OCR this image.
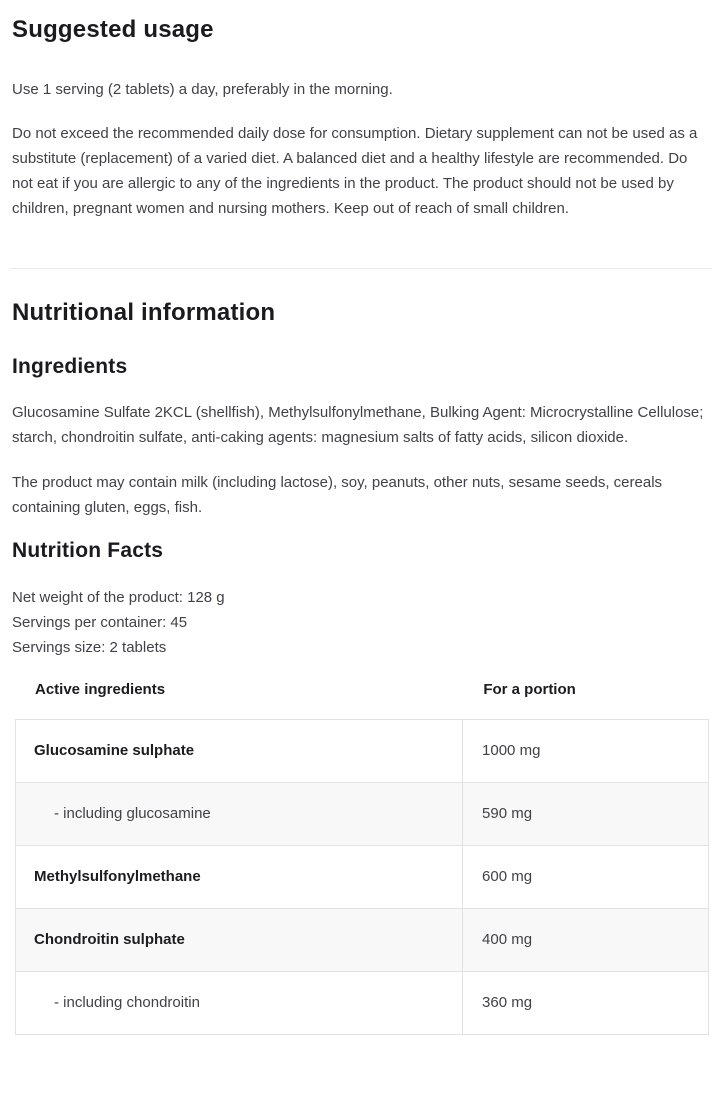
Suggested usage

Use 1 serving (2 tablets) a day, preferably in the morning.

Do not exceed the recommended daily dose for consumption. Dietary supplement can not be used as a substitute (replacement) of a varied diet. A balanced diet and a healthy lifestyle are recommended. Do not eat if you are allergic to any of the ingredients in the product. The product should not be used by children, pregnant women and nursing mothers. Keep out of reach of small children.

Nutritional information
Ingredients

Glucosamine Sulfate 2KCL (shellfish), Methylsulfonylmethane, Bulking Agent: Microcrystalline Cellulose; starch, chondroitin sulfate, anti-caking agents: magnesium salts of fatty acids, silicon dioxide.

The product may contain milk (including lactose), soy, peanuts, other nuts, sesame seeds, cereals containing gluten, eggs, fish.

Nutrition Facts

Net weight of the product: 128 g

Servings per container: 45

Servings size: 2 tablets

Active ingredients	For a portion
Glucosamine sulphate	1000 mg
- including glucosamine	590 mg
Methylsulfonylmethane	600 mg
Chondroitin sulphate	400 mg
- including chondroitin	360 mg
